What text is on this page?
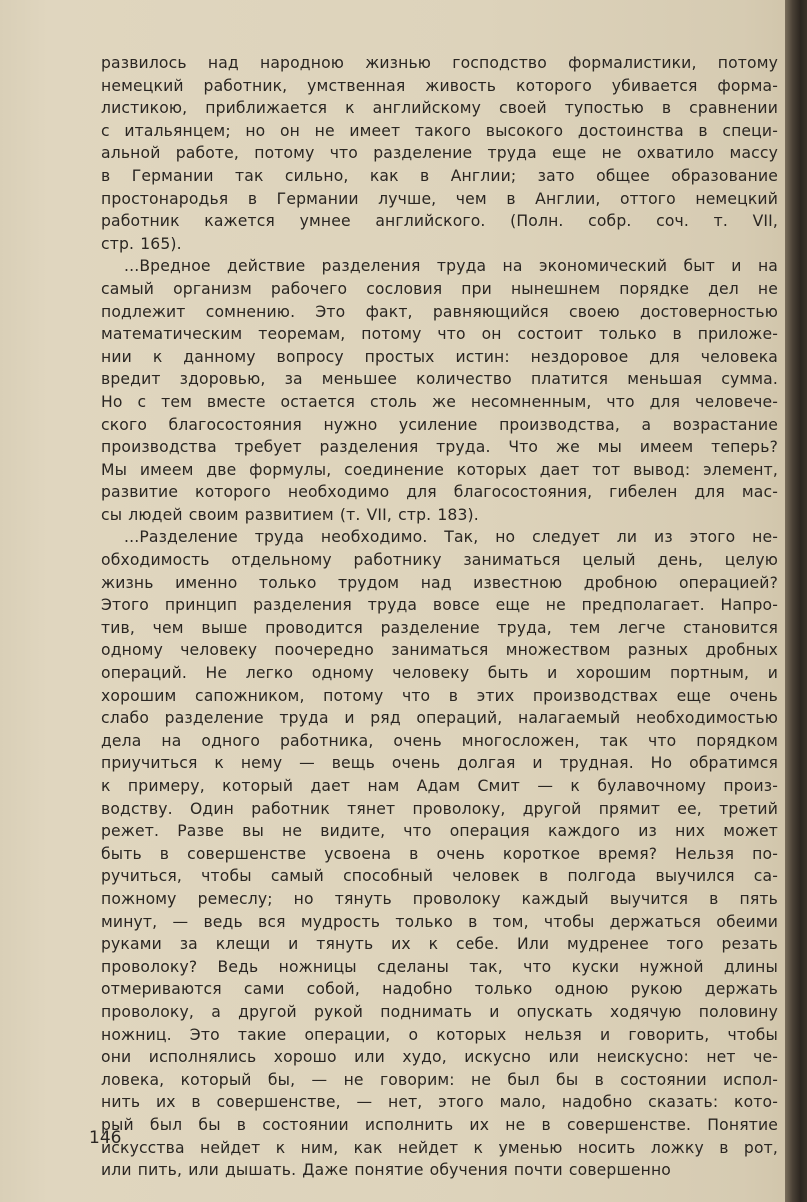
развилось над народною жизнью господство формалистики, потому
немецкий работник, умственная живость которого убивается форма-
листикою, приближается к английскому своей тупостью в сравнении
с итальянцем; но он не имеет такого высокого достоинства в специ-
альной работе, потому что разделение труда еще не охватило массу
в Германии так сильно, как в Англии; зато общее образование
простонародья в Германии лучше, чем в Англии, оттого немецкий
работник кажется умнее английского. (Полн. собр. соч. т. VII,
стр. 165).
...Вредное действие разделения труда на экономический быт и на
самый организм рабочего сословия при нынешнем порядке дел не
подлежит сомнению. Это факт, равняющийся своею достоверностью
математическим теоремам, потому что он состоит только в приложе-
нии к данному вопросу простых истин: нездоровое для человека
вредит здоровью, за меньшее количество платится меньшая сумма.
Но с тем вместе остается столь же несомненным, что для человече-
ского благосостояния нужно усиление производства, а возрастание
производства требует разделения труда. Что же мы имеем теперь?
Мы имеем две формулы, соединение которых дает тот вывод: элемент,
развитие которого необходимо для благосостояния, гибелен для мас-
сы людей своим развитием (т. VII, стр. 183).
...Разделение труда необходимо. Так, но следует ли из этого не-
обходимость отдельному работнику заниматься целый день, целую
жизнь именно только трудом над известною дробною операцией?
Этого принцип разделения труда вовсе еще не предполагает. Напро-
тив, чем выше проводится разделение труда, тем легче становится
одному человеку поочередно заниматься множеством разных дробных
операций. Не легко одному человеку быть и хорошим портным, и
хорошим сапожником, потому что в этих производствах еще очень
слабо разделение труда и ряд операций, налагаемый необходимостью
дела на одного работника, очень многосложен, так что порядком
приучиться к нему — вещь очень долгая и трудная. Но обратимся
к примеру, который дает нам Адам Смит — к булавочному произ-
водству. Один работник тянет проволоку, другой прямит ее, третий
режет. Разве вы не видите, что операция каждого из них может
быть в совершенстве усвоена в очень короткое время? Нельзя по-
ручиться, чтобы самый способный человек в полгода выучился са-
пожному ремеслу; но тянуть проволоку каждый выучится в пять
минут, — ведь вся мудрость только в том, чтобы держаться обеими
руками за клещи и тянуть их к себе. Или мудренее того резать
проволоку? Ведь ножницы сделаны так, что куски нужной длины
отмериваются сами собой, надобно только одною рукою держать
проволоку, а другой рукой поднимать и опускать ходячую половину
ножниц. Это такие операции, о которых нельзя и говорить, чтобы
они исполнялись хорошо или худо, искусно или неискусно: нет че-
ловека, который бы, — не говорим: не был бы в состоянии испол-
нить их в совершенстве, — нет, этого мало, надобно сказать: кото-
рый был бы в состоянии исполнить их не в совершенстве. Понятие
искусства нейдет к ним, как нейдет к уменью носить ложку в рот,
или пить, или дышать. Даже понятие обучения почти совершенно
146
